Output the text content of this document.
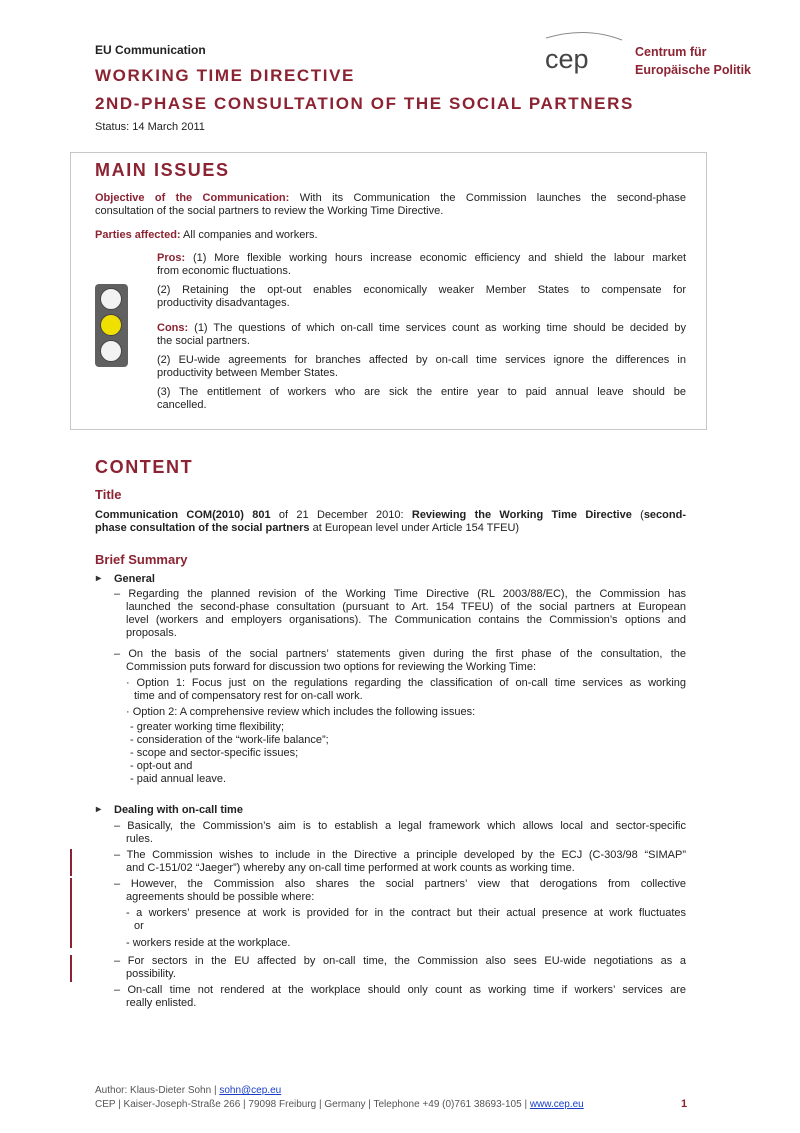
EU Communication
WORKING TIME DIRECTIVE
2ND-PHASE CONSULTATION OF THE SOCIAL PARTNERS
Status: 14 March 2011
cep	Centrum für
Europäische Politik
MAIN ISSUES
Objective of the Communication: With its Communication the Commission launches the second-phase
consultation of the social partners to review the Working Time Directive.
Parties affected: All companies and workers.
Pros: (1) More flexible working hours increase economic efficiency and shield the labour market
from economic fluctuations.
(2) Retaining the opt-out enables economically weaker Member States to compensate for
productivity disadvantages.
Cons: (1) The questions of which on-call time services count as working time should be decided by
the social partners.
(2) EU-wide agreements for branches affected by on-call time services ignore the differences in
productivity between Member States.
(3) The entitlement of workers who are sick the entire year to paid annual leave should be
cancelled.
CONTENT
Title
Communication COM(2010) 801 of 21 December 2010: Reviewing the Working Time Directive (second-
phase consultation of the social partners at European level under Article 154 TFEU)
Brief Summary
▸ General
– Regarding the planned revision of the Working Time Directive (RL 2003/88/EC), the Commission has
launched the second-phase consultation (pursuant to Art. 154 TFEU) of the social partners at European
level (workers and employers organisations). The Communication contains the Commission’s options and
proposals.
– On the basis of the social partners’ statements given during the first phase of the consultation, the
Commission puts forward for discussion two options for reviewing the Working Time:
· Option 1: Focus just on the regulations regarding the classification of on-call time services as working
time and of compensatory rest for on-call work.
· Option 2: A comprehensive review which includes the following issues:
- greater working time flexibility;
- consideration of the “work-life balance”;
- scope and sector-specific issues;
- opt-out and
- paid annual leave.
▸ Dealing with on-call time
– Basically, the Commission’s aim is to establish a legal framework which allows local and sector-specific
rules.
– The Commission wishes to include in the Directive a principle developed by the ECJ (C-303/98 “SIMAP”
and C-151/02 “Jaeger”) whereby any on-call time performed at work counts as working time.
– However, the Commission also shares the social partners’ view that derogations from collective
agreements should be possible where:
- a workers’ presence at work is provided for in the contract but their actual presence at work fluctuates
or
- workers reside at the workplace.
– For sectors in the EU affected by on-call time, the Commission also sees EU-wide negotiations as a
possibility.
– On-call time not rendered at the workplace should only count as working time if workers’ services are
really enlisted.
Author: Klaus-Dieter Sohn | sohn@cep.eu
CEP | Kaiser-Joseph-Straße 266 | 79098 Freiburg | Germany | Telephone +49 (0)761 38693-105 | www.cep.eu	1
